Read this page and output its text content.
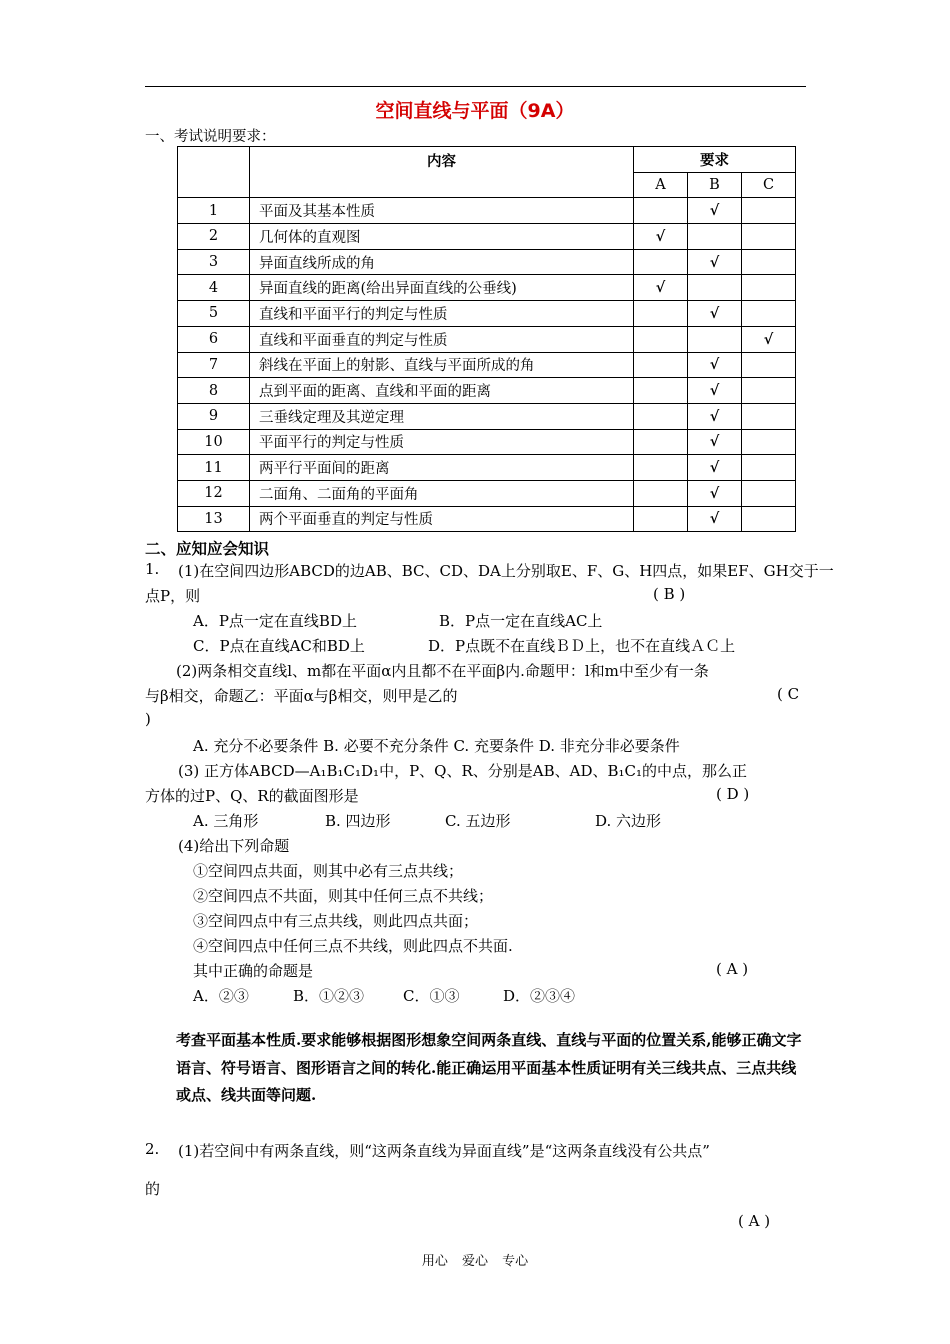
空间直线与平面（9A）
一、考试说明要求：
	内容	要求		
		A	B	C
1	平面及其基本性质		√	
2	几何体的直观图	√		
3	异面直线所成的角		√	
4	异面直线的距离(给出异面直线的公垂线)	√		
5	直线和平面平行的判定与性质		√	
6	直线和平面垂直的判定与性质			√
7	斜线在平面上的射影、直线与平面所成的角		√	
8	点到平面的距离、直线和平面的距离		√	
9	三垂线定理及其逆定理		√	
10	平面平行的判定与性质		√	
11	两平行平面间的距离		√	
12	二面角、二面角的平面角		√	
13	两个平面垂直的判定与性质		√	
二、应知应会知识
1. (1)在空间四边形ABCD的边AB、BC、CD、DA上分别取E、F、G、H四点，如果EF、GH交于一
点P，则	( B )
A．P点一定在直线BD上	B．P点一定在直线AC上
C．P点在直线AC和BD上	D．P点既不在直线ＢＤ上，也不在直线ＡＣ上
(2)两条相交直线l、m都在平面α内且都不在平面β内.命题甲：l和m中至少有一条
与β相交，命题乙：平面α与β相交，则甲是乙的	( C
)
A. 充分不必要条件 B. 必要不充分条件 C. 充要条件 D. 非充分非必要条件
(3) 正方体ABCD—A₁B₁C₁D₁中，P、Q、R、分别是AB、AD、B₁C₁的中点，那么正
方体的过P、Q、R的截面图形是	( D )
A. 三角形	B. 四边形	C. 五边形	D. 六边形
(4)给出下列命题
①空间四点共面，则其中必有三点共线；
②空间四点不共面，则其中任何三点不共线；
③空间四点中有三点共线，则此四点共面；
④空间四点中任何三点不共线，则此四点不共面.
其中正确的命题是	( A )
A．②③	B．①②③	C．①③	D．②③④
考查平面基本性质.要求能够根据图形想象空间两条直线、直线与平面的位置关系,能够正确文字语言、符号语言、图形语言之间的转化.能正确运用平面基本性质证明有关三线共点、三点共线或点、线共面等问题.
2. (1)若空间中有两条直线，则“这两条直线为异面直线”是“这两条直线没有公共点”
的
( A )
用心 爱心 专心
